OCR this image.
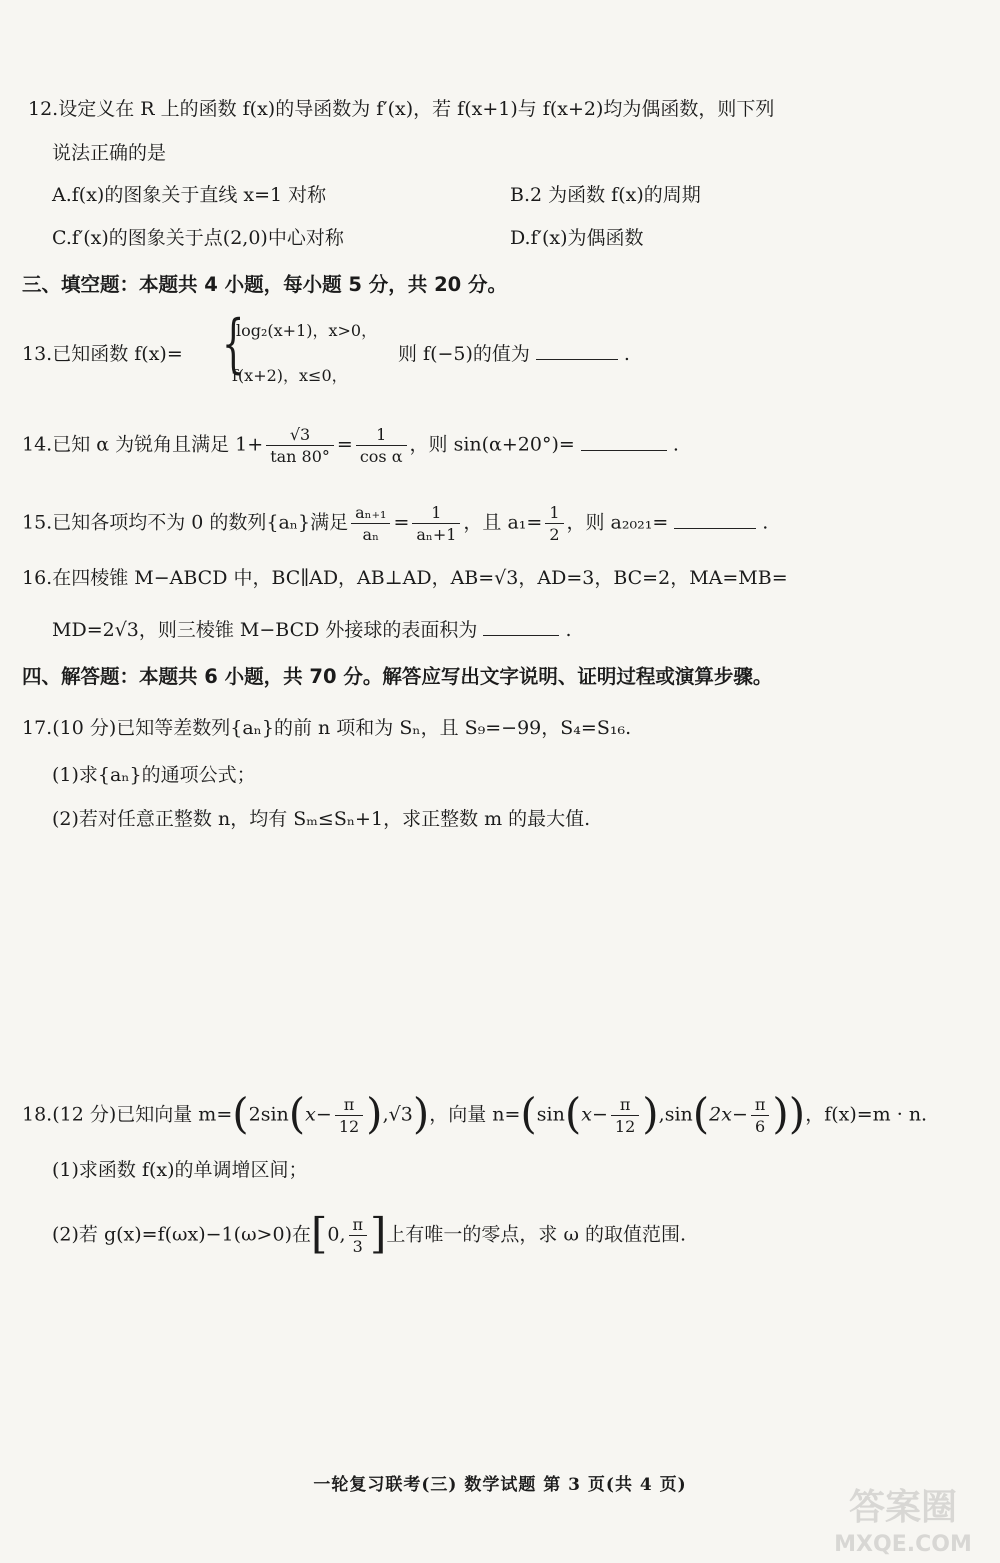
12.设定义在 R 上的函数 f(x)的导函数为 f′(x)，若 f(x+1)与 f(x+2)均为偶函数，则下列
说法正确的是
A.f(x)的图象关于直线 x=1 对称	B.2 为函数 f(x)的周期
C.f′(x)的图象关于点(2,0)中心对称	D.f′(x)为偶函数
三、填空题：本题共 4 小题，每小题 5 分，共 20 分。
13.已知函数 f(x)= {
log₂(x+1)，x>0，
f(x+2)，x≤0，
则 f(−5)的值为	.
14.已知 α 为锐角且满足 $1+ \frac{√3}{\tan 80^\circ} = \frac{1}{\text{cos α}}$ ，则 sin(α+20°)=	.
15.已知各项均不为 0 的数列{aₙ}满足 $\frac{\text{aₙ₊₁}}{\text{aₙ}} = \frac{1}{\text{aₙ+1}}$ ，且 $a_1= \frac{1}{2}$ ，则 a₂₀₂₁=	.
16.在四棱锥 M−ABCD 中，BC∥AD，AB⊥AD，AB=√3，AD=3，BC=2，MA=MB=
MD=2√3，则三棱锥 M−BCD 外接球的表面积为	.
四、解答题：本题共 6 小题，共 70 分。解答应写出文字说明、证明过程或演算步骤。
17.(10 分)已知等差数列{aₙ}的前 n 项和为 Sₙ，且 S₉=−99，S₄=S₁₆.
(1)求{aₙ}的通项公式；
(2)若对任意正整数 n，均有 Sₘ≤Sₙ+1，求正整数 m 的最大值.
18.(12 分)已知向量 $m=(2\sin(x- \frac{\pi}{12} ),√3)$，向量 $n=(\sin(x- \frac{\pi}{12} ),\sin(2x- \frac{\pi}{6}$ ))，f(x)=m · n.
(1)求函数 f(x)的单调增区间；
(2)若 g(x)=f(ωx)−1(ω>0)在[0, $\frac{\pi}{3}$ ]上有唯一的零点，求 ω 的取值范围.
一轮复习联考(三) 数学试题 第 3 页(共 4 页)
答案圈
MXQE.COM
